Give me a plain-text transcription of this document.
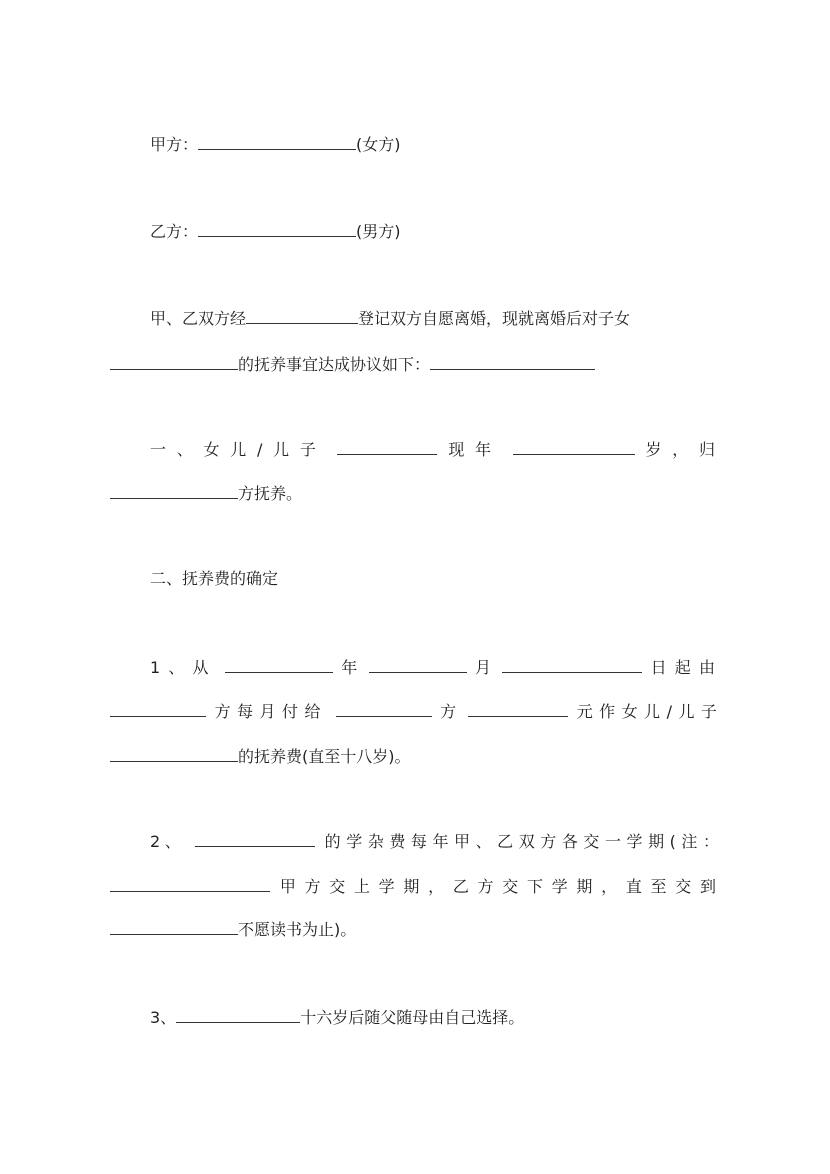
甲方：	(女方)
乙方：	(男方)
甲、乙双方经	登记双方自愿离婚，现就离婚后对子女
的抚养事宜达成协议如下：
一、女儿/儿子	现年	岁，归
方抚养。
二、抚养费的确定
1、从	年	月	日起由
方每月付给	方	元作女儿/儿子
的抚养费(直至十八岁)。
2、	的学杂费每年甲、乙双方各交一学期(注：
甲方交上学期，乙方交下学期，直至交到
不愿读书为止)。
3、	十六岁后随父随母由自己选择。
